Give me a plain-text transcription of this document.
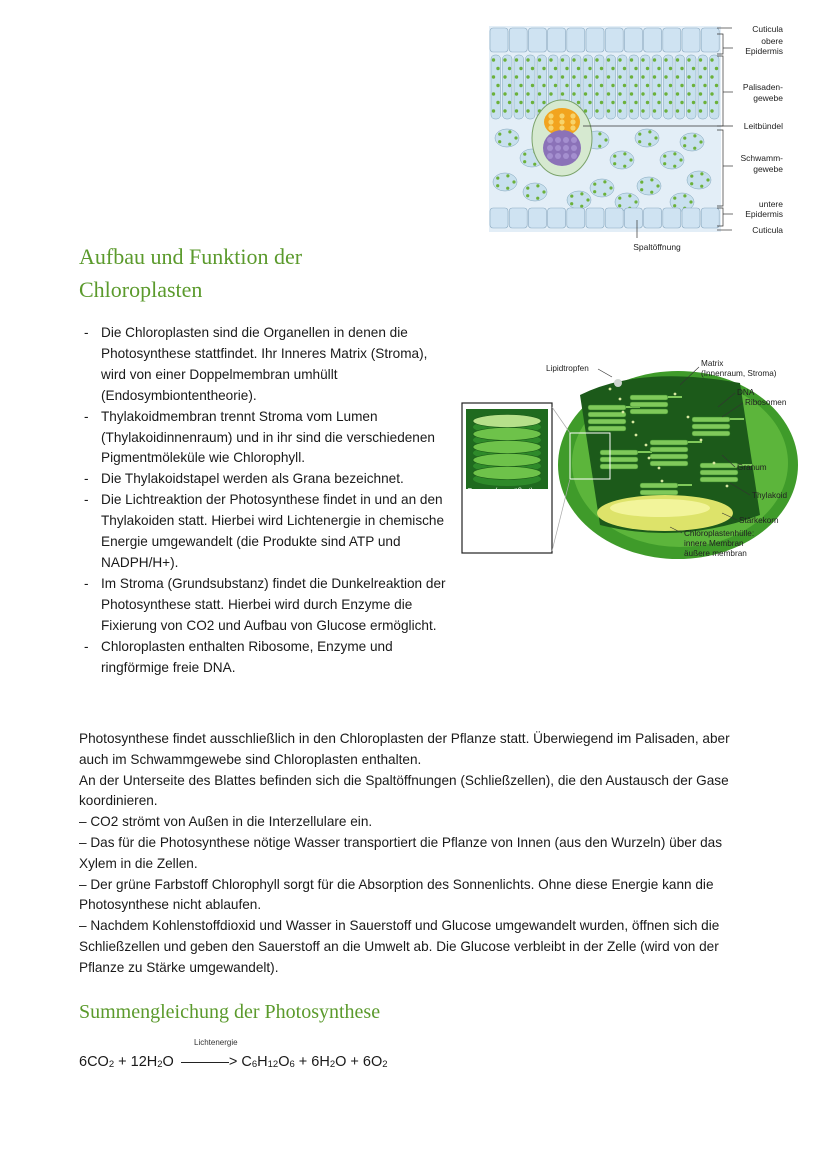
Cuticula
obere
Epidermis
Palisaden-
gewebe
Leitbündel
Schwamm-
gewebe
untere
Epidermis
Cuticula
Spaltöffnung
Aufbau und Funktion der Chloroplasten
- Die Chloroplasten sind die Organellen in denen die Photosynthese stattfindet. Ihr Inneres Matrix (Stroma), wird von einer Doppelmembran umhüllt (Endosymbiontentheorie).
- Thylakoidmembran trennt Stroma vom Lumen (Thylakoidinnenraum) und in ihr sind die verschiedenen Pigmentmöleküle wie Chlorophyll.
- Die Thylakoidstapel werden als Grana bezeichnet.
- Die Lichtreaktion der Photosynthese findet in und an den Thylakoiden statt. Hierbei wird Lichtenergie in chemische Energie umgewandelt (die Produkte sind ATP und NADPH/H+).
- Im Stroma (Grundsubstanz) findet die Dunkelreaktion der Photosynthese statt. Hierbei wird durch Enzyme die Fixierung von CO2 und Aufbau von Glucose ermöglicht.
- Chloroplasten enthalten Ribosome, Enzyme und ringförmige freie DNA.
Lipidtropfen
Matrix
(Innenraum, Stroma)
DNA
Ribosomen
Granum
Thylakoid
Stärkekorn
Chloroplastenhülle:
innere Membran
äußere membran
Granum (vergrößert)
Das oberste der 5
Thylakoiden ist offen
dargestellt

Photosynthese findet ausschließlich in den Chloroplasten der Pflanze statt. Überwiegend im Palisaden, aber auch im Schwammgewebe sind Chloroplasten enthalten.

An der Unterseite des Blattes befinden sich die Spaltöffnungen (Schließzellen), die den Austausch der Gase koordinieren.

– CO2 strömt von Außen in die Interzellulare ein.

– Das für die Photosynthese nötige Wasser transportiert die Pflanze von Innen (aus den Wurzeln) über das Xylem in die Zellen.

– Der grüne Farbstoff Chlorophyll sorgt für die Absorption des Sonnenlichts. Ohne diese Energie kann die Photosynthese nicht ablaufen.

– Nachdem Kohlenstoffdioxid und Wasser in Sauerstoff und Glucose umgewandelt wurden, öffnen sich die Schließzellen und geben den Sauerstoff an die Umwelt ab. Die Glucose verbleibt in der Zelle (wird von der Pflanze zu Stärke umgewandelt).

Summengleichung der Photosynthese
Lichtenergie
$6CO_2 + 12H_2O$	> $C_6H_{12}O_6 + 6H_2O + 6O_2$
